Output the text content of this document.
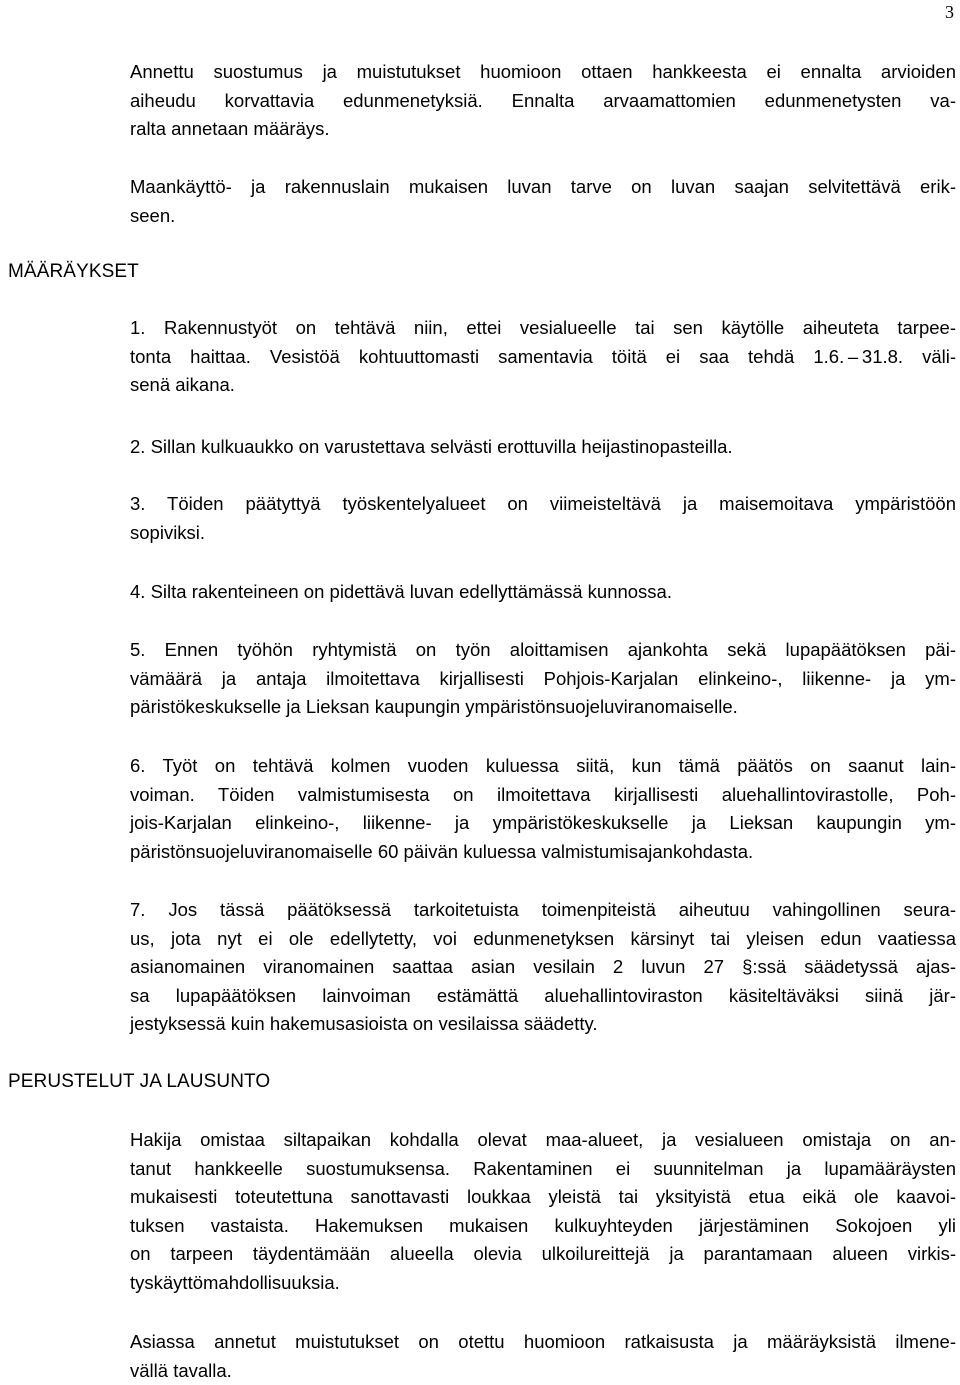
3

Annettu suostumus ja muistutukset huomioon ottaen hankkeesta ei ennalta arvioiden
aiheudu korvattavia edunmenetyksiä. Ennalta arvaamattomien edunmenetysten va-
ralta annetaan määräys.

Maankäyttö- ja rakennuslain mukaisen luvan tarve on luvan saajan selvitettävä erik-
seen.

MÄÄRÄYKSET

1. Rakennustyöt on tehtävä niin, ettei vesialueelle tai sen käytölle aiheuteta tarpee-
tonta haittaa. Vesistöä kohtuuttomasti samentavia töitä ei saa tehdä 1.6. – 31.8. väli-
senä aikana.

2. Sillan kulkuaukko on varustettava selvästi erottuvilla heijastinopasteilla.

3. Töiden päätyttyä työskentelyalueet on viimeisteltävä ja maisemoitava ympäristöön
sopiviksi.

4. Silta rakenteineen on pidettävä luvan edellyttämässä kunnossa.

5. Ennen työhön ryhtymistä on työn aloittamisen ajankohta sekä lupapäätöksen päi-
vämäärä ja antaja ilmoitettava kirjallisesti Pohjois-Karjalan elinkeino-, liikenne- ja ym-
päristökeskukselle ja Lieksan kaupungin ympäristönsuojeluviranomaiselle.

6. Työt on tehtävä kolmen vuoden kuluessa siitä, kun tämä päätös on saanut lain-
voiman. Töiden valmistumisesta on ilmoitettava kirjallisesti aluehallintovirastolle, Poh-
jois-Karjalan elinkeino-, liikenne- ja ympäristökeskukselle ja Lieksan kaupungin ym-
päristönsuojeluviranomaiselle 60 päivän kuluessa valmistumisajankohdasta.

7. Jos tässä päätöksessä tarkoitetuista toimenpiteistä aiheutuu vahingollinen seura-
us, jota nyt ei ole edellytetty, voi edunmenetyksen kärsinyt tai yleisen edun vaatiessa
asianomainen viranomainen saattaa asian vesilain 2 luvun 27 §:ssä säädetyssä ajas-
sa lupapäätöksen lainvoiman estämättä aluehallintoviraston käsiteltäväksi siinä jär-
jestyksessä kuin hakemusasioista on vesilaissa säädetty.

PERUSTELUT JA LAUSUNTO

Hakija omistaa siltapaikan kohdalla olevat maa-alueet, ja vesialueen omistaja on an-
tanut hankkeelle suostumuksensa. Rakentaminen ei suunnitelman ja lupamääräysten
mukaisesti toteutettuna sanottavasti loukkaa yleistä tai yksityistä etua eikä ole kaavoi-
tuksen vastaista. Hakemuksen mukaisen kulkuyhteyden järjestäminen Sokojoen yli
on tarpeen täydentämään alueella olevia ulkoilureittejä ja parantamaan alueen virkis-
tyskäyttömahdollisuuksia.

Asiassa annetut muistutukset on otettu huomioon ratkaisusta ja määräyksistä ilmene-
vällä tavalla.
